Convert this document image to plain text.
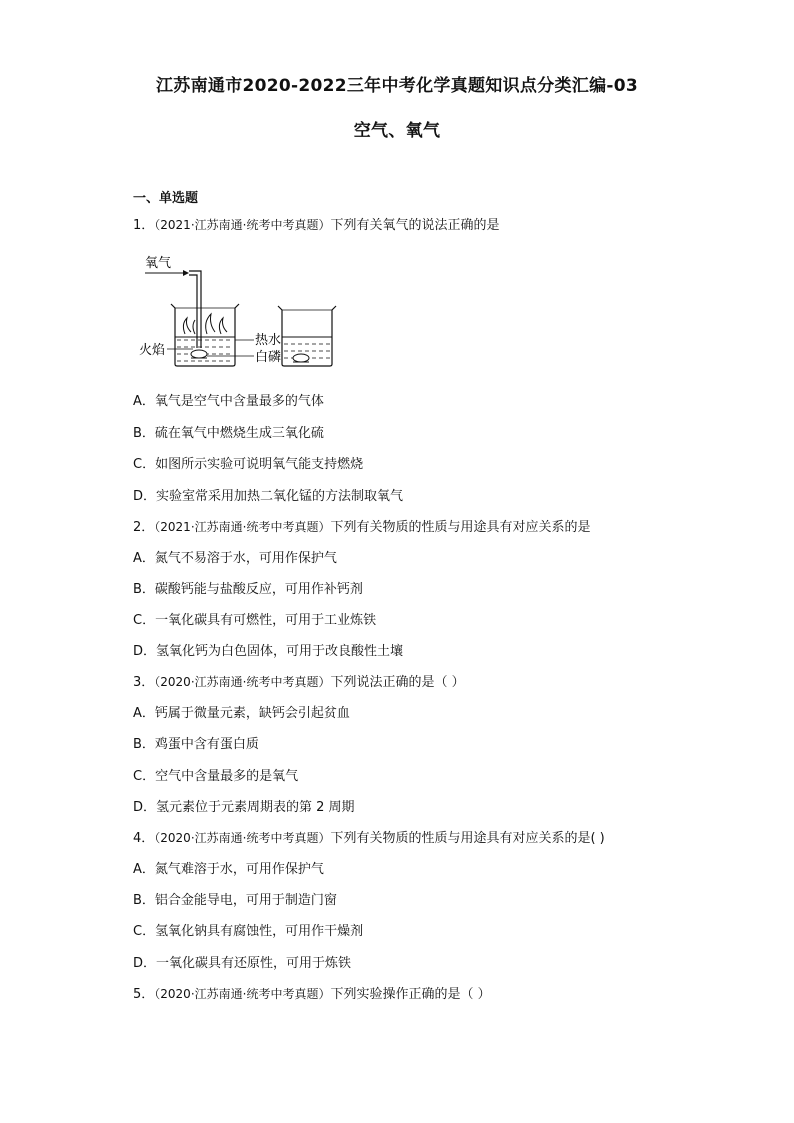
江苏南通市2020-2022三年中考化学真题知识点分类汇编-03
空气、氧气
一、单选题
1．（2021·江苏南通·统考中考真题）下列有关氧气的说法正确的是
氧气
热水
白磷
火焰
A．氧气是空气中含量最多的气体
B．硫在氧气中燃烧生成三氧化硫
C．如图所示实验可说明氧气能支持燃烧
D．实验室常采用加热二氧化锰的方法制取氧气
2．（2021·江苏南通·统考中考真题）下列有关物质的性质与用途具有对应关系的是
A．氮气不易溶于水，可用作保护气
B．碳酸钙能与盐酸反应，可用作补钙剂
C．一氧化碳具有可燃性，可用于工业炼铁
D．氢氧化钙为白色固体，可用于改良酸性土壤
3．（2020·江苏南通·统考中考真题）下列说法正确的是（ ）
A．钙属于微量元素，缺钙会引起贫血
B．鸡蛋中含有蛋白质
C．空气中含量最多的是氧气
D．氢元素位于元素周期表的第 2 周期
4．（2020·江苏南通·统考中考真题）下列有关物质的性质与用途具有对应关系的是( )
A．氮气难溶于水，可用作保护气
B．铝合金能导电，可用于制造门窗
C．氢氧化钠具有腐蚀性，可用作干燥剂
D．一氧化碳具有还原性，可用于炼铁
5．（2020·江苏南通·统考中考真题）下列实验操作正确的是（ ）
